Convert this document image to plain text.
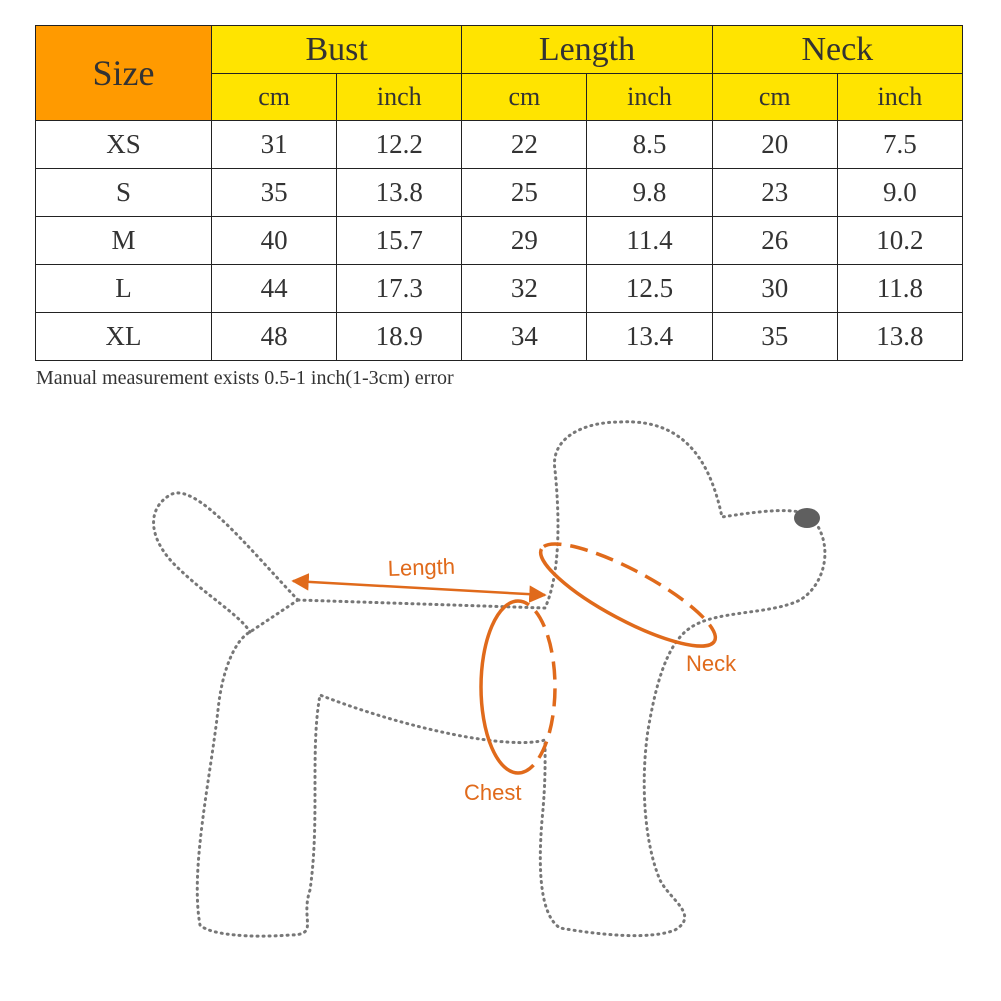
Size	Bust		Length		Neck	
	cm	inch	cm	inch	cm	inch
XS	31	12.2	22	8.5	20	7.5
S	35	13.8	25	9.8	23	9.0
M	40	15.7	29	11.4	26	10.2
L	44	17.3	32	12.5	30	11.8
XL	48	18.9	34	13.4	35	13.8
Manual measurement exists 0.5-1 inch(1-3cm) error
Length
Neck
Chest
